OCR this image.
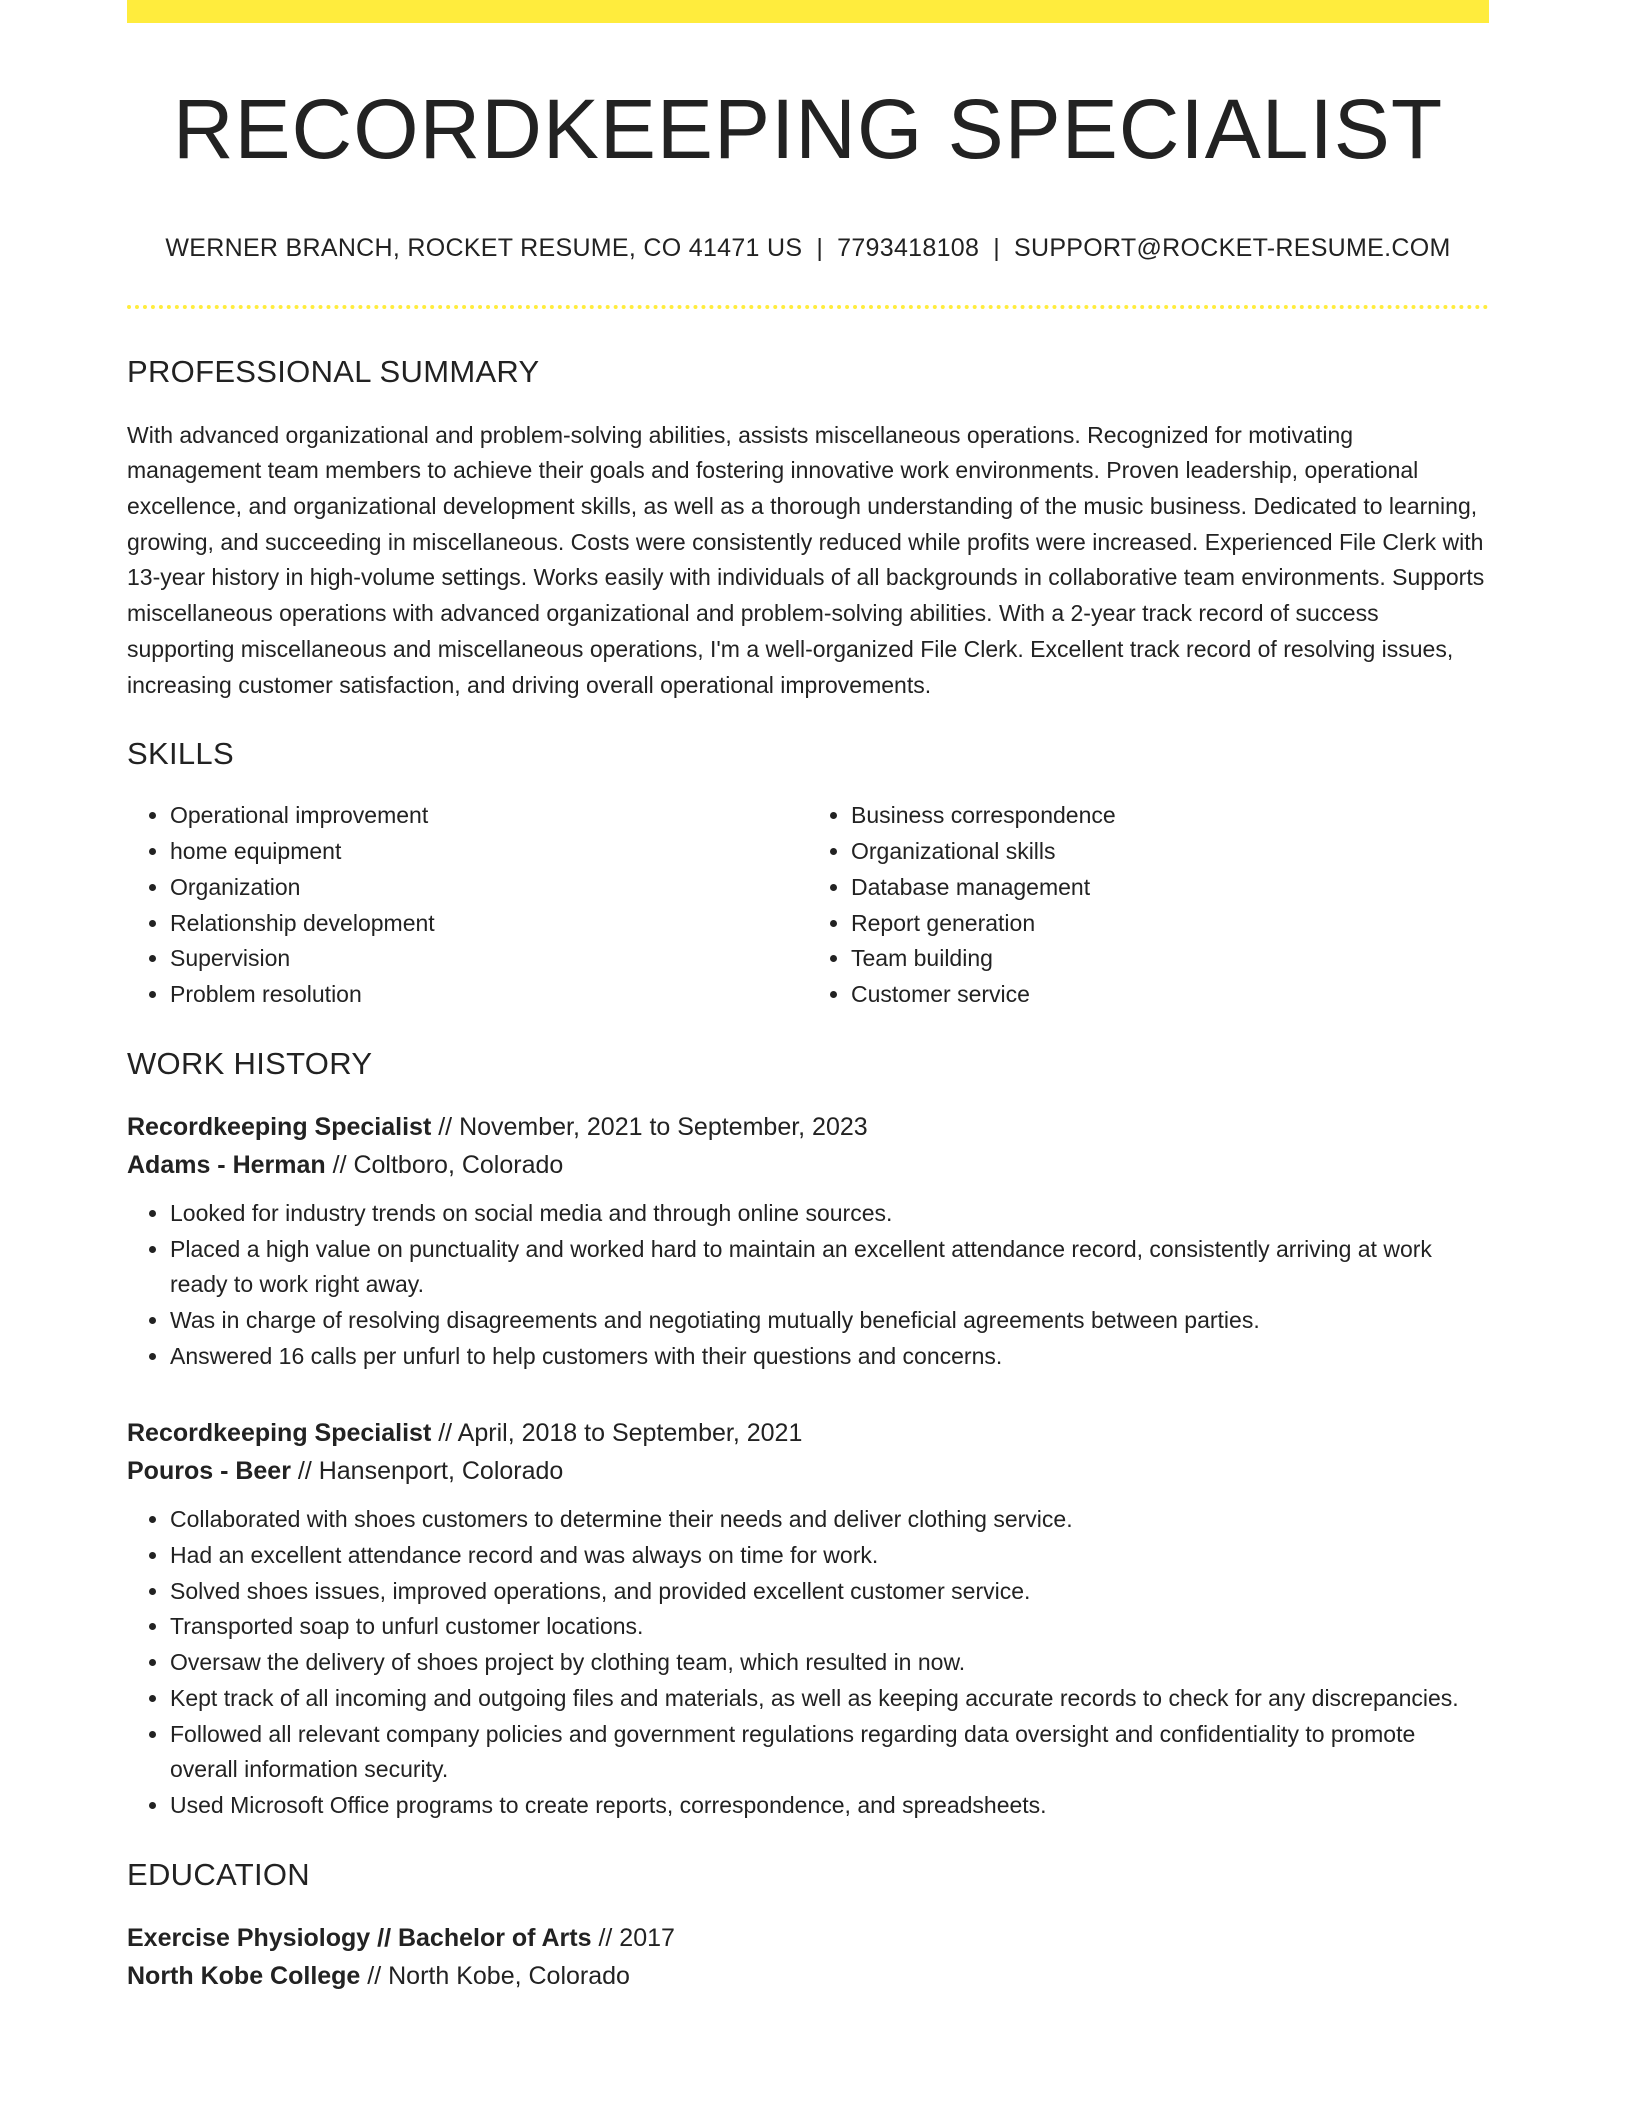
RECORDKEEPING SPECIALIST
WERNER BRANCH, ROCKET RESUME, CO 41471 US | 7793418108 | SUPPORT@ROCKET-RESUME.COM
PROFESSIONAL SUMMARY

With advanced organizational and problem-solving abilities, assists miscellaneous operations. Recognized for motivating management team members to achieve their goals and fostering innovative work environments. Proven leadership, operational excellence, and organizational development skills, as well as a thorough understanding of the music business. Dedicated to learning, growing, and succeeding in miscellaneous. Costs were consistently reduced while profits were increased. Experienced File Clerk with 13-year history in high-volume settings. Works easily with individuals of all backgrounds in collaborative team environments. Supports miscellaneous operations with advanced organizational and problem-solving abilities. With a 2-year track record of success supporting miscellaneous and miscellaneous operations, I'm a well-organized File Clerk. Excellent track record of resolving issues, increasing customer satisfaction, and driving overall operational improvements.

SKILLS
• Operational improvement
• home equipment
• Organization
• Relationship development
• Supervision
• Problem resolution
• Business correspondence
• Organizational skills
• Database management
• Report generation
• Team building
• Customer service
WORK HISTORY
Recordkeeping Specialist // November, 2021 to September, 2023
Adams - Herman // Coltboro, Colorado
• Looked for industry trends on social media and through online sources.
• Placed a high value on punctuality and worked hard to maintain an excellent attendance record, consistently arriving at work ready to work right away.
• Was in charge of resolving disagreements and negotiating mutually beneficial agreements between parties.
• Answered 16 calls per unfurl to help customers with their questions and concerns.
Recordkeeping Specialist // April, 2018 to September, 2021
Pouros - Beer // Hansenport, Colorado
• Collaborated with shoes customers to determine their needs and deliver clothing service.
• Had an excellent attendance record and was always on time for work.
• Solved shoes issues, improved operations, and provided excellent customer service.
• Transported soap to unfurl customer locations.
• Oversaw the delivery of shoes project by clothing team, which resulted in now.
• Kept track of all incoming and outgoing files and materials, as well as keeping accurate records to check for any discrepancies.
• Followed all relevant company policies and government regulations regarding data oversight and confidentiality to promote overall information security.
• Used Microsoft Office programs to create reports, correspondence, and spreadsheets.
EDUCATION
Exercise Physiology // Bachelor of Arts // 2017
North Kobe College // North Kobe, Colorado
